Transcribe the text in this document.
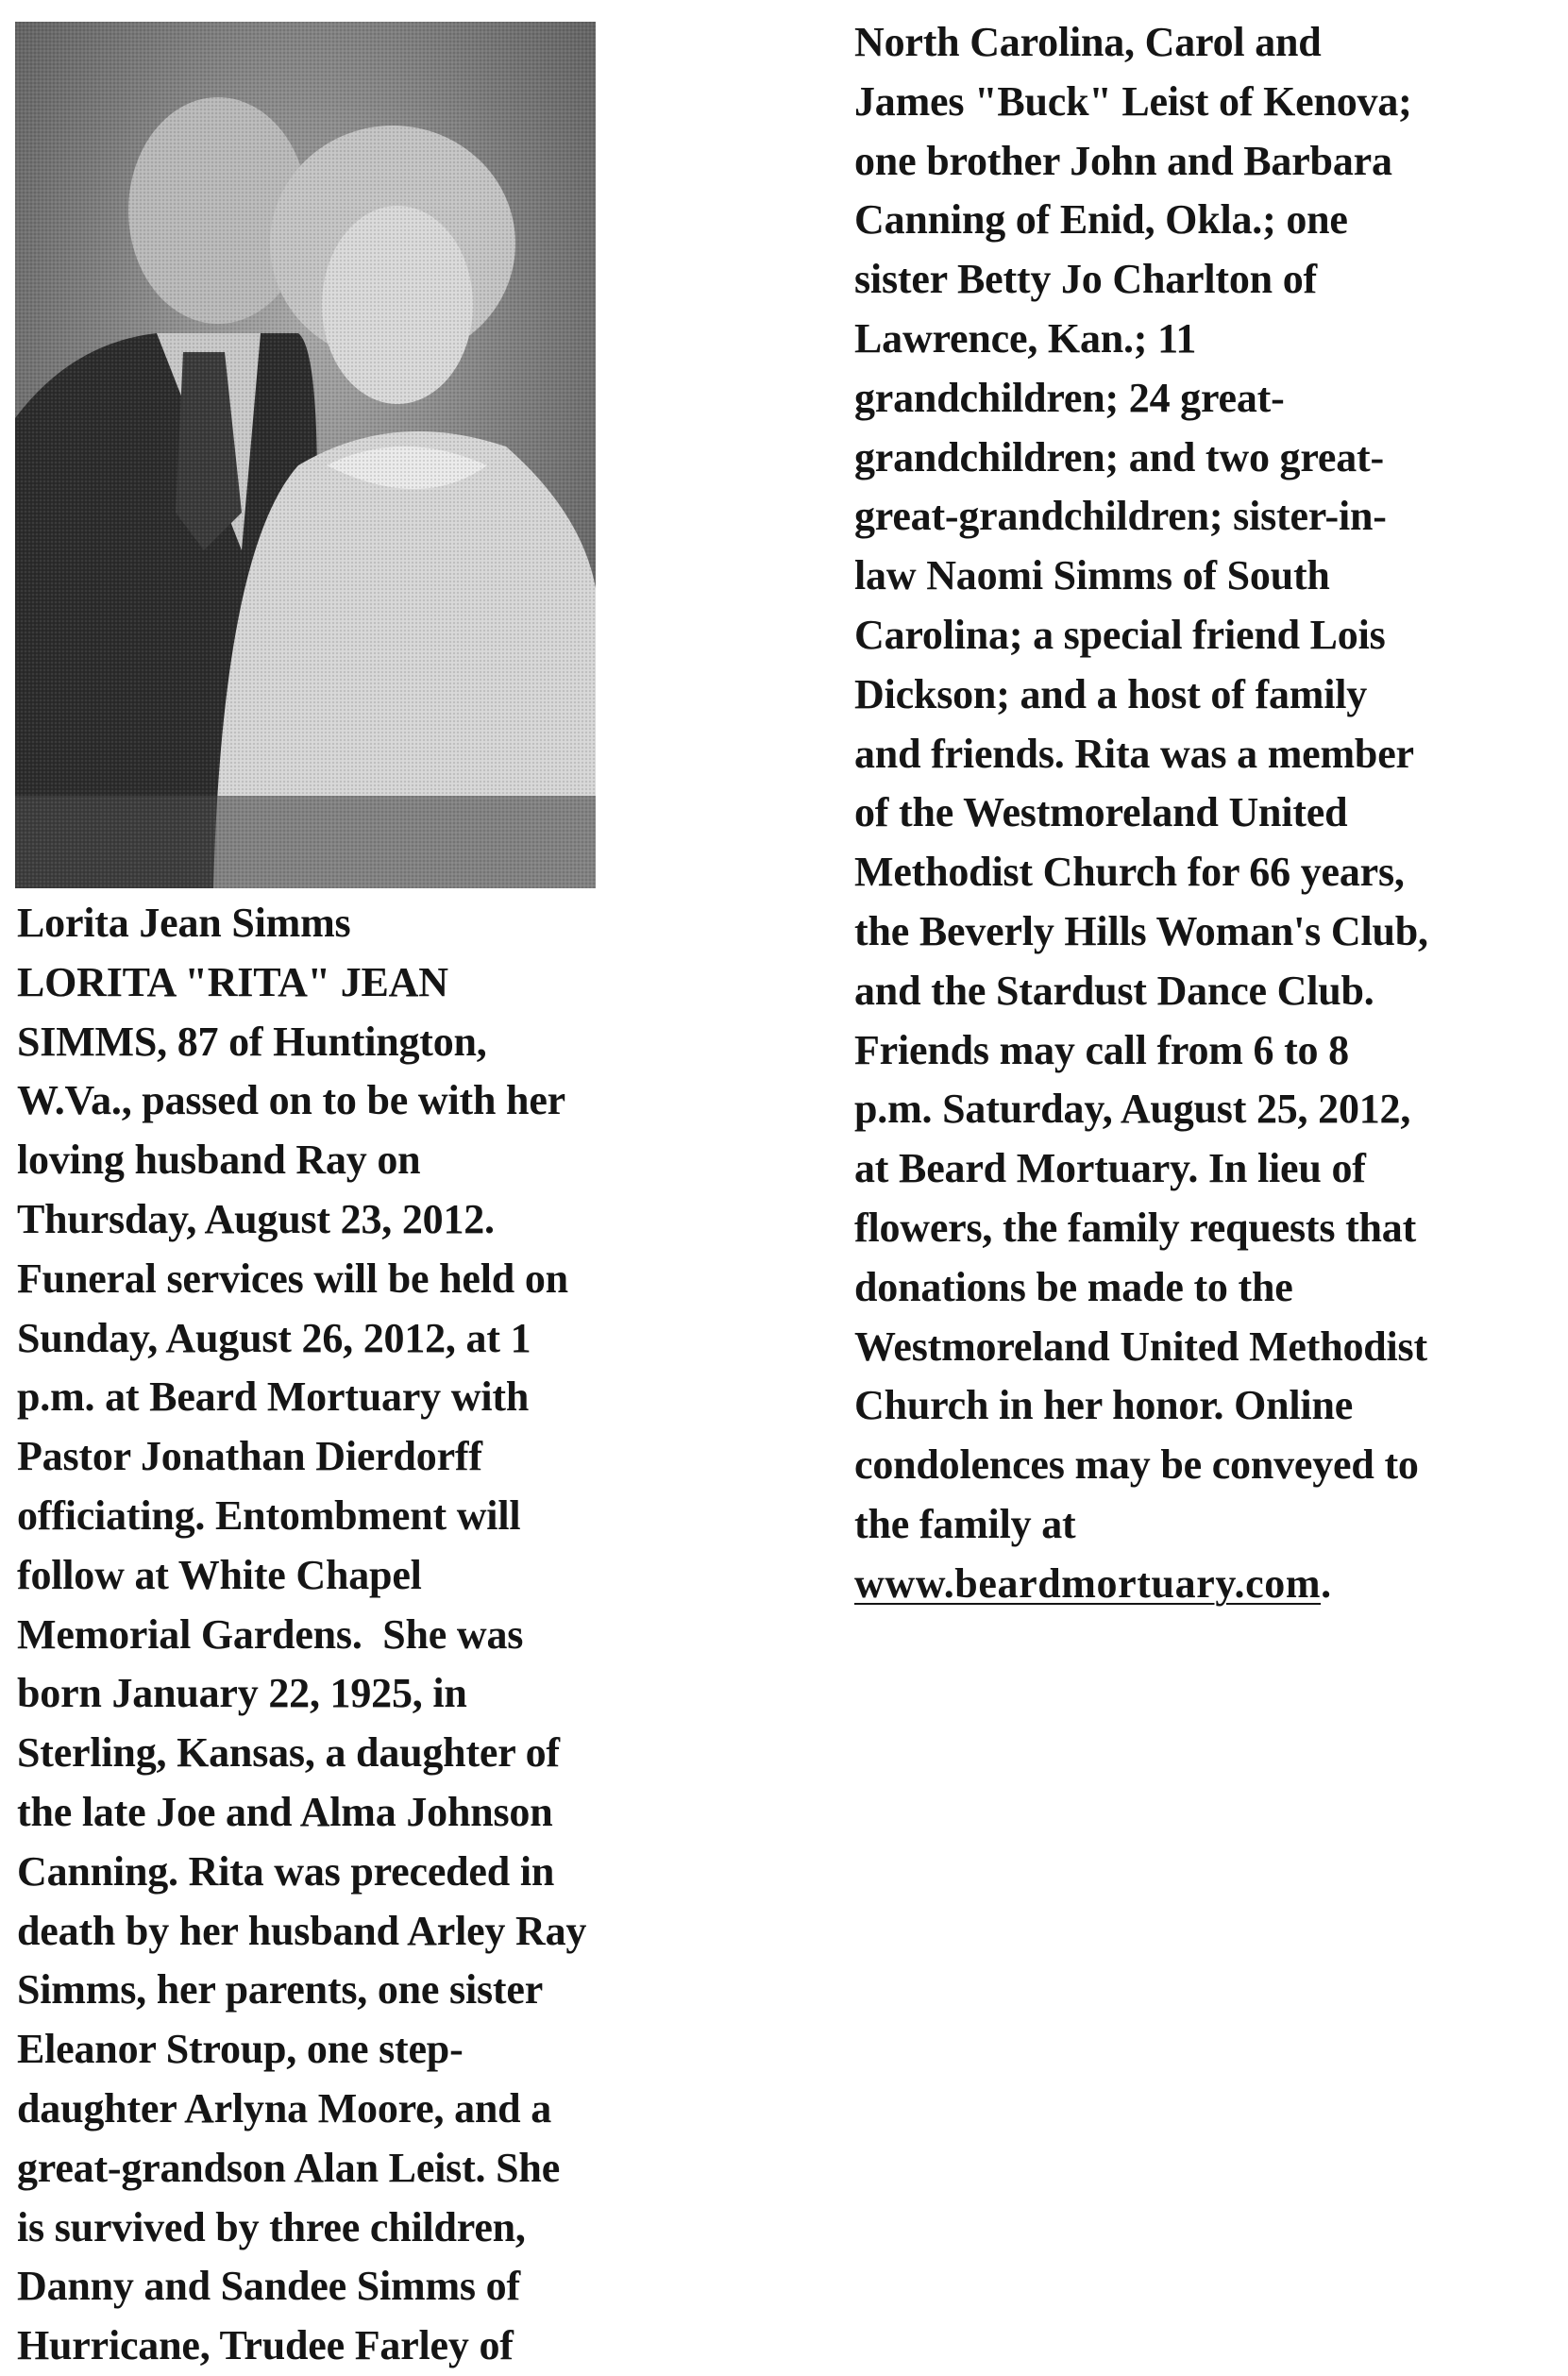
Lorita Jean Simms
LORITA "RITA" JEAN
SIMMS, 87 of Huntington,
W.Va., passed on to be with her
loving husband Ray on
Thursday, August 23, 2012.
Funeral services will be held on
Sunday, August 26, 2012, at 1
p.m. at Beard Mortuary with
Pastor Jonathan Dierdorff
officiating. Entombment will
follow at White Chapel
Memorial Gardens.  She was
born January 22, 1925, in
Sterling, Kansas, a daughter of
the late Joe and Alma Johnson
Canning. Rita was preceded in
death by her husband Arley Ray
Simms, her parents, one sister
Eleanor Stroup, one step-
daughter Arlyna Moore, and a
great-grandson Alan Leist. She
is survived by three children,
Danny and Sandee Simms of
Hurricane, Trudee Farley of
North Carolina, Carol and
James "Buck" Leist of Kenova;
one brother John and Barbara
Canning of Enid, Okla.; one
sister Betty Jo Charlton of
Lawrence, Kan.; 11
grandchildren; 24 great-
grandchildren; and two great-
great-grandchildren; sister-in-
law Naomi Simms of South
Carolina; a special friend Lois
Dickson; and a host of family
and friends. Rita was a member
of the Westmoreland United
Methodist Church for 66 years,
the Beverly Hills Woman's Club,
and the Stardust Dance Club.
Friends may call from 6 to 8
p.m. Saturday, August 25, 2012,
at Beard Mortuary. In lieu of
flowers, the family requests that
donations be made to the
Westmoreland United Methodist
Church in her honor. Online
condolences may be conveyed to
the family at
www.beardmortuary.com.
